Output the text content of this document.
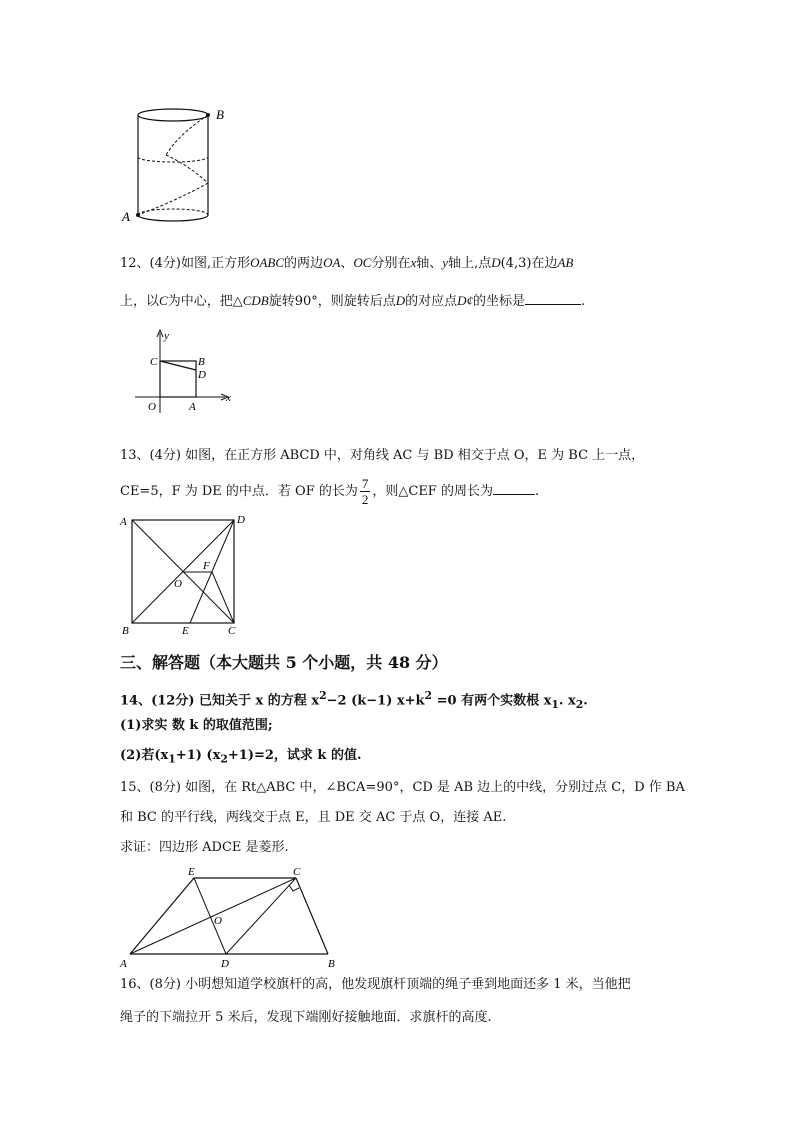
B
A
12、(4分)如图,正方形OABC的两边OA、OC分别在x轴、y轴上,点D(4,3)在边AB
上，以C为中心，把△CDB旋转90°，则旋转后点D的对应点D¢的坐标是	.
y
x
C	B
D
O	A
13、(4分) 如图，在正方形 ABCD 中，对角线 AC 与 BD 相交于点 O，E 为 BC 上一点，
CE=5，F 为 DE 的中点．若 OF 的长为 $\frac{7}{2}$ ，则△CEF 的周长为	.
A	D
F
O
B	E	C
三、解答题（本大题共 5 个小题，共 48 分）
14、(12分) 已知关于 x 的方程 $x^2-2$ (k−1) $x+k^2 =0$ 有两个实数根 $x_1$. $x_2$.
(1)求实 数 k 的取值范围;
(2)若$(x_1+1)$ $(x_2+1)=2$，试求 k 的值.
15、(8分) 如图，在 Rt△ABC 中，∠BCA=90°，CD 是 AB 边上的中线，分别过点 C，D 作 BA
和 BC 的平行线，两线交于点 E，且 DE 交 AC 于点 O，连接 AE.
求证：四边形 ADCE 是菱形.
E	C
O
A	D	B
16、(8分) 小明想知道学校旗杆的高，他发现旗杆顶端的绳子垂到地面还多 1 米，当他把
绳子的下端拉开 5 米后，发现下端刚好接触地面．求旗杆的高度.
